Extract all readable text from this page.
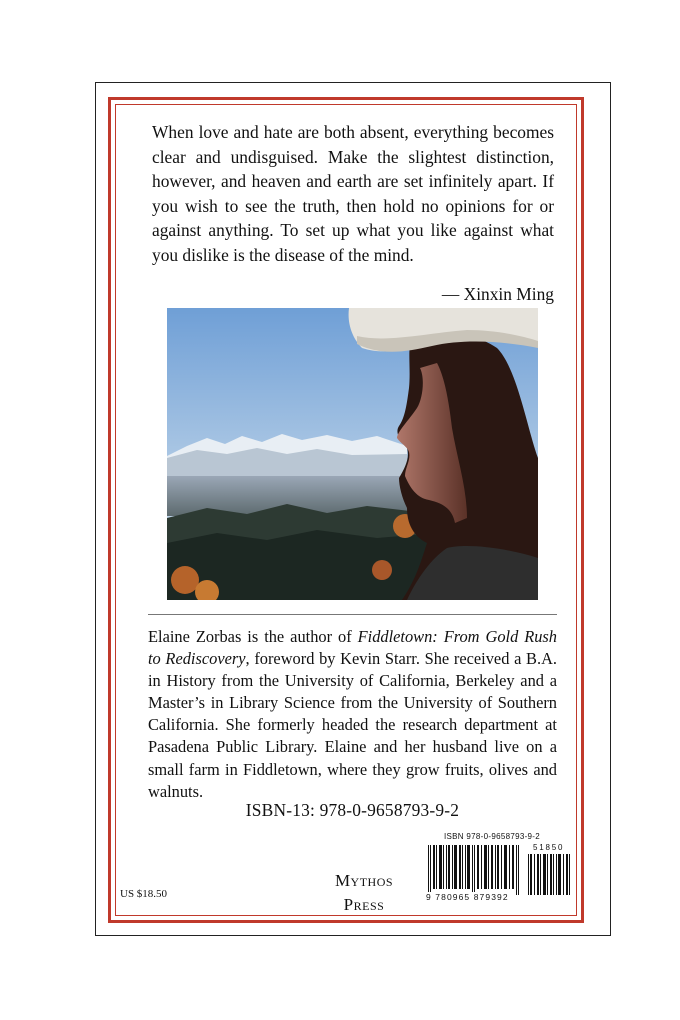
When love and hate are both absent, everything becomes clear and undisguised. Make the slightest distinction, however, and heaven and earth are set infinitely apart. If you wish to see the truth, then hold no opinions for or against anything. To set up what you like against what you dislike is the disease of the mind.

— Xinxin Ming

Elaine Zorbas is the author of Fiddletown: From Gold Rush to Rediscovery, foreword by Kevin Starr. She received a B.A. in History from the University of California, Berkeley and a Master’s in Library Science from the University of Southern California. She formerly headed the research department at Pasadena Public Library. Elaine and her husband live on a small farm in Fiddletown, where they grow fruits, olives and walnuts.

ISBN-13: 978-0-9658793-9-2

US $18.50
Mythos
Press
ISBN 978-0-9658793-9-2
51850
9 780965 879392
